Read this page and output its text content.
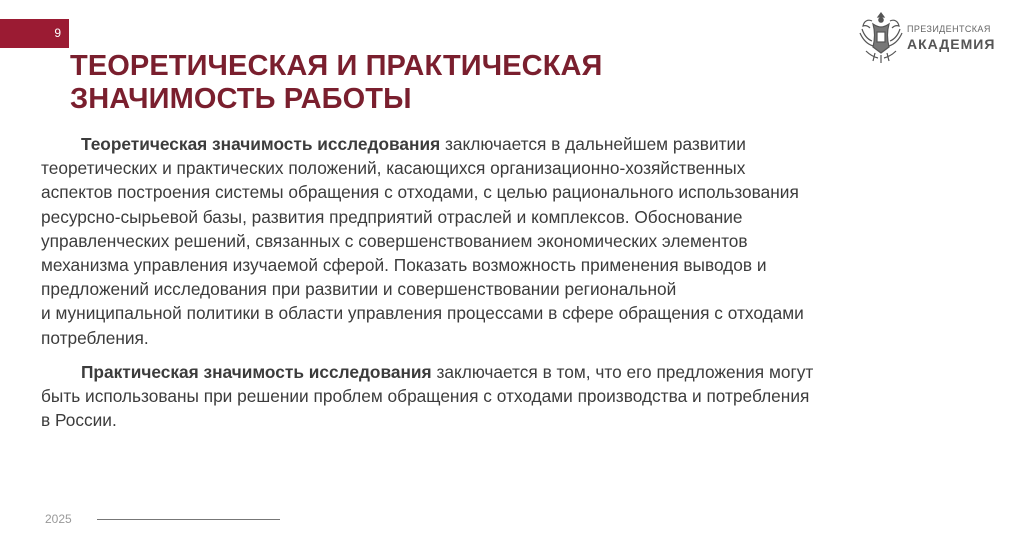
9
ТЕОРЕТИЧЕСКАЯ И ПРАКТИЧЕСКАЯ
ЗНАЧИМОСТЬ РАБОТЫ
ПРЕЗИДЕНТСКАЯ
АКАДЕМИЯ

Теоретическая значимость исследования заключается в дальнейшем развитии
теоретических и практических положений, касающихся организационно-хозяйственных
аспектов построения системы обращения с отходами, с целью рационального использования
ресурсно-сырьевой базы, развития предприятий отраслей и комплексов. Обоснование
управленческих решений, связанных с совершенствованием экономических элементов
механизма управления изучаемой сферой. Показать возможность применения выводов и
предложений исследования при развитии и совершенствовании региональной
и муниципальной политики в области управления процессами в сфере обращения с отходами
потребления.

Практическая значимость исследования заключается в том, что его предложения могут
быть использованы при решении проблем обращения с отходами производства и потребления
в России.

2025
